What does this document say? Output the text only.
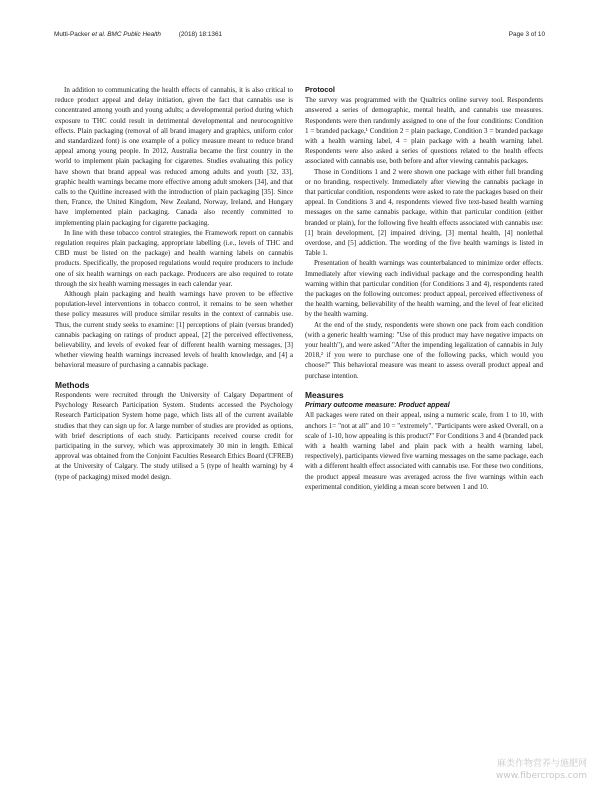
Mutti-Packer et al. BMC Public Health	(2018) 18:1361	Page 3 of 10

In addition to communicating the health effects of cannabis, it is also critical to reduce product appeal and delay initiation, given the fact that cannabis use is concentrated among youth and young adults; a developmental period during which exposure to THC could result in detrimental developmental and neurocognitive effects. Plain packaging (removal of all brand imagery and graphics, uniform color and standardized font) is one example of a policy measure meant to reduce brand appeal among young people. In 2012, Australia became the first country in the world to implement plain packaging for cigarettes. Studies evaluating this policy have shown that brand appeal was reduced among adults and youth [32, 33], graphic health warnings became more effective among adult smokers [34], and that calls to the Quitline increased with the introduction of plain packaging [35]. Since then, France, the United Kingdom, New Zealand, Norway, Ireland, and Hungary have implemented plain packaging. Canada also recently committed to implementing plain packaging for cigarette packaging.

In line with these tobacco control strategies, the Framework report on cannabis regulation requires plain packaging, appropriate labelling (i.e., levels of THC and CBD must be listed on the package) and health warning labels on cannabis products. Specifically, the proposed regulations would require producers to include one of six health warnings on each package. Producers are also required to rotate through the six health warning messages in each calendar year.

Although plain packaging and health warnings have proven to be effective population-level interventions in tobacco control, it remains to be seen whether these policy measures will produce similar results in the context of cannabis use. Thus, the current study seeks to examine: [1] perceptions of plain (versus branded) cannabis packaging on ratings of product appeal, [2] the perceived effectiveness, believability, and levels of evoked fear of different health warning messages, [3] whether viewing health warnings increased levels of health knowledge, and [4] a behavioral measure of purchasing a cannabis package.

Methods

Respondents were recruited through the University of Calgary Department of Psychology Research Participation System. Students accessed the Psychology Research Participation System home page, which lists all of the current available studies that they can sign up for. A large number of studies are provided as options, with brief descriptions of each study. Participants received course credit for participating in the survey, which was approximately 30 min in length. Ethical approval was obtained from the Conjoint Faculties Research Ethics Board (CFREB) at the University of Calgary. The study utilised a 5 (type of health warning) by 4 (type of packaging) mixed model design.

Protocol

The survey was programmed with the Qualtrics online survey tool. Respondents answered a series of demographic, mental health, and cannabis use measures. Respondents were then randomly assigned to one of the four conditions: Condition 1 = branded package,¹ Condition 2 = plain package, Condition 3 = branded package with a health warning label, 4 = plain package with a health warning label. Respondents were also asked a series of questions related to the health effects associated with cannabis use, both before and after viewing cannabis packages.

Those in Conditions 1 and 2 were shown one package with either full branding or no branding, respectively. Immediately after viewing the cannabis package in that particular condition, respondents were asked to rate the packages based on their appeal. In Conditions 3 and 4, respondents viewed five text-based health warning messages on the same cannabis package, within that particular condition (either branded or plain), for the following five health effects associated with cannabis use: [1] brain development, [2] impaired driving, [3] mental health, [4] nonlethal overdose, and [5] addiction. The wording of the five health warnings is listed in Table 1.

Presentation of health warnings was counterbalanced to minimize order effects. Immediately after viewing each individual package and the corresponding health warning within that particular condition (for Conditions 3 and 4), respondents rated the packages on the following outcomes: product appeal, perceived effectiveness of the health warning, believability of the health warning, and the level of fear elicited by the health warning.

At the end of the study, respondents were shown one pack from each condition (with a generic health warning: "Use of this product may have negative impacts on your health"), and were asked "After the impending legalization of cannabis in July 2018,² if you were to purchase one of the following packs, which would you choose?" This behavioral measure was meant to assess overall product appeal and purchase intention.

Measures
Primary outcome measure: Product appeal

All packages were rated on their appeal, using a numeric scale, from 1 to 10, with anchors 1= "not at all" and 10 = "extremely". "Participants were asked Overall, on a scale of 1-10, how appealing is this product?" For Conditions 3 and 4 (branded pack with a health warning label and plain pack with a health warning label, respectively), participants viewed five warning messages on the same package, each with a different health effect associated with cannabis use. For these two conditions, the product appeal measure was averaged across the five warnings within each experimental condition, yielding a mean score between 1 and 10.

麻类作物营养与施肥网
www.fibercrops.com
